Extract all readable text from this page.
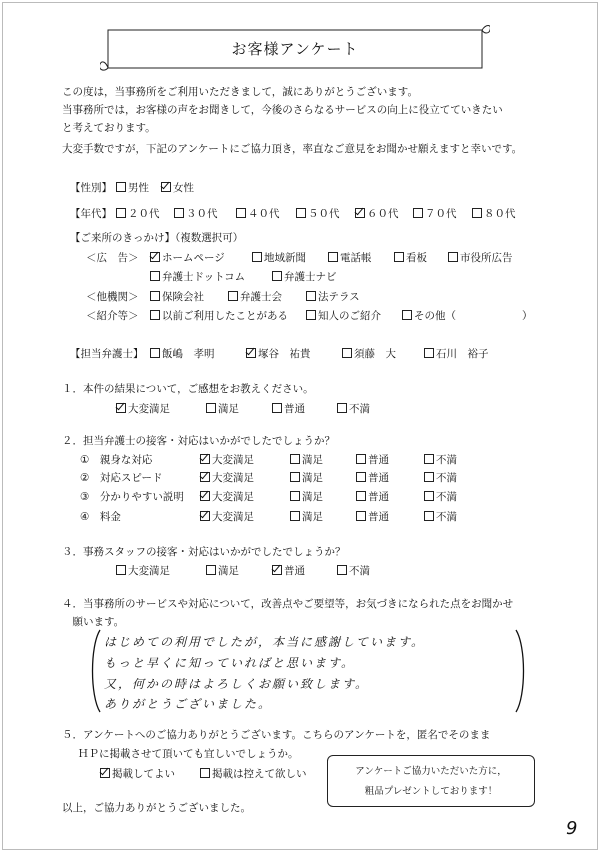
お客様アンケート
この度は，当事務所をご利用いただきまして，誠にありがとうございます。
当事務所では，お客様の声をお聞きして，今後のさらなるサービスの向上に役立てていきたい
と考えております。
大変手数ですが，下記のアンケートにご協力頂き，率直なご意見をお聞かせ願えますと幸いです。
【性別】	男性	女性
【年代】	２０代	３０代	４０代	５０代	６０代	７０代	８０代
【ご来所のきっかけ】（複数選択可）
＜広　告＞	ホームページ	地域新聞	電話帳	看板	市役所広告
弁護士ドットコム	弁護士ナビ
＜他機関＞	保険会社	弁護士会	法テラス
＜紹介等＞	以前ご利用したことがある	知人のご紹介	その他（	）
【担当弁護士】	飯嶋　孝明	塚谷　祐貴	須藤　大	石川　裕子
１．本件の結果について，ご感想をお教えください。
大変満足	満足	普通	不満
２．担当弁護士の接客・対応はいかがでしたでしょうか？
①　親身な対応	大変満足	満足	普通	不満
②　対応スピード	大変満足	満足	普通	不満
③　分かりやすい説明	大変満足	満足	普通	不満
④　料金	大変満足	満足	普通	不満
３．事務スタッフの接客・対応はいかがでしたでしょうか？
大変満足	満足	普通	不満
４．当事務所のサービスや対応について，改善点やご要望等，お気づきになられた点をお聞かせ
　願います。
はじめての利用でしたが，本当に感謝しています。
もっと早くに知っていればと思います。
又，何かの時はよろしくお願い致します。
ありがとうございました。
５．アンケートへのご協力ありがとうございます。こちらのアンケートを，匿名でそのまま
ＨＰに掲載させて頂いても宜しいでしょうか。
掲載してよい	掲載は控えて欲しい	アンケートご協力いただいた方に，
粗品プレゼントしております！
以上，ご協力ありがとうございました。
9
